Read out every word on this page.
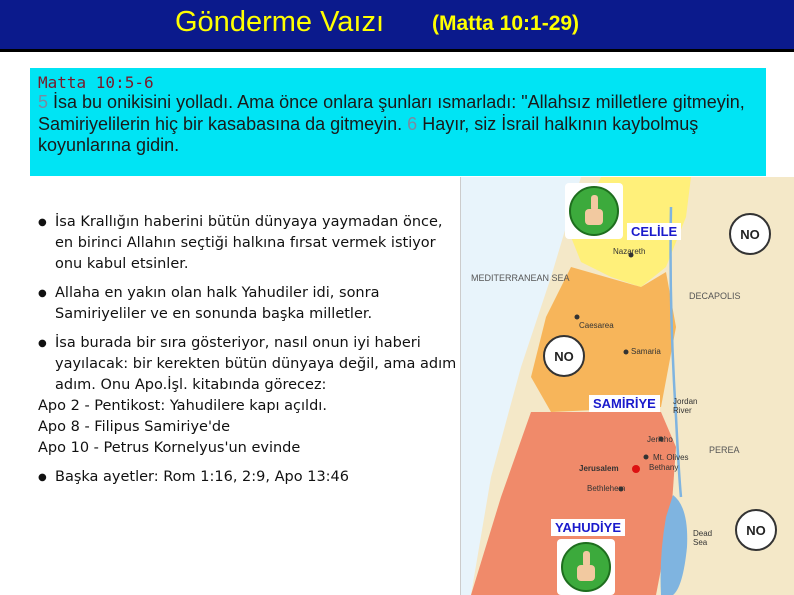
Gönderme Vaızı (Matta 10:1-29)
Matta 10:5-6
5 İsa bu onikisini yolladı. Ama önce onlara şunları ısmarladı: "Allahsız milletlere gitmeyin, Samiriyelilerin hiç bir kasabasına da gitmeyin. 6 Hayır, siz İsrail halkının kaybolmuş koyunlarına gidin.
● İsa Krallığın haberini bütün dünyaya yaymadan önce, en birinci Allahın seçtiği halkına fırsat vermek istiyor onu kabul etsinler.
● Allaha en yakın olan halk Yahudiler idi, sonra Samiriyeliler ve en sonunda başka milletler.
● İsa burada bir sıra gösteriyor, nasıl onun iyi haberi yayılacak: bir kerekten bütün dünyaya değil, ama adım adım. Onu Apo.İşl. kitabında görecez:
Apo 2 - Pentikost: Yahudilere kapı açıldı.
Apo 8 - Filipus Samiriye'de
Apo 10 - Petrus Kornelyus'un evinde
● Başka ayetler: Rom 1:16, 2:9, Apo 13:46
MEDITERRANEAN SEA
DECAPOLIS
PEREA
Jordan River
Dead Sea
Nazareth
Caesarea
Samaria
Jericho
Mt. Olives
Bethany
Jerusalem
Bethlehem
CELİLE
SAMİRİYE
YAHUDİYE
NO
NO
NO
